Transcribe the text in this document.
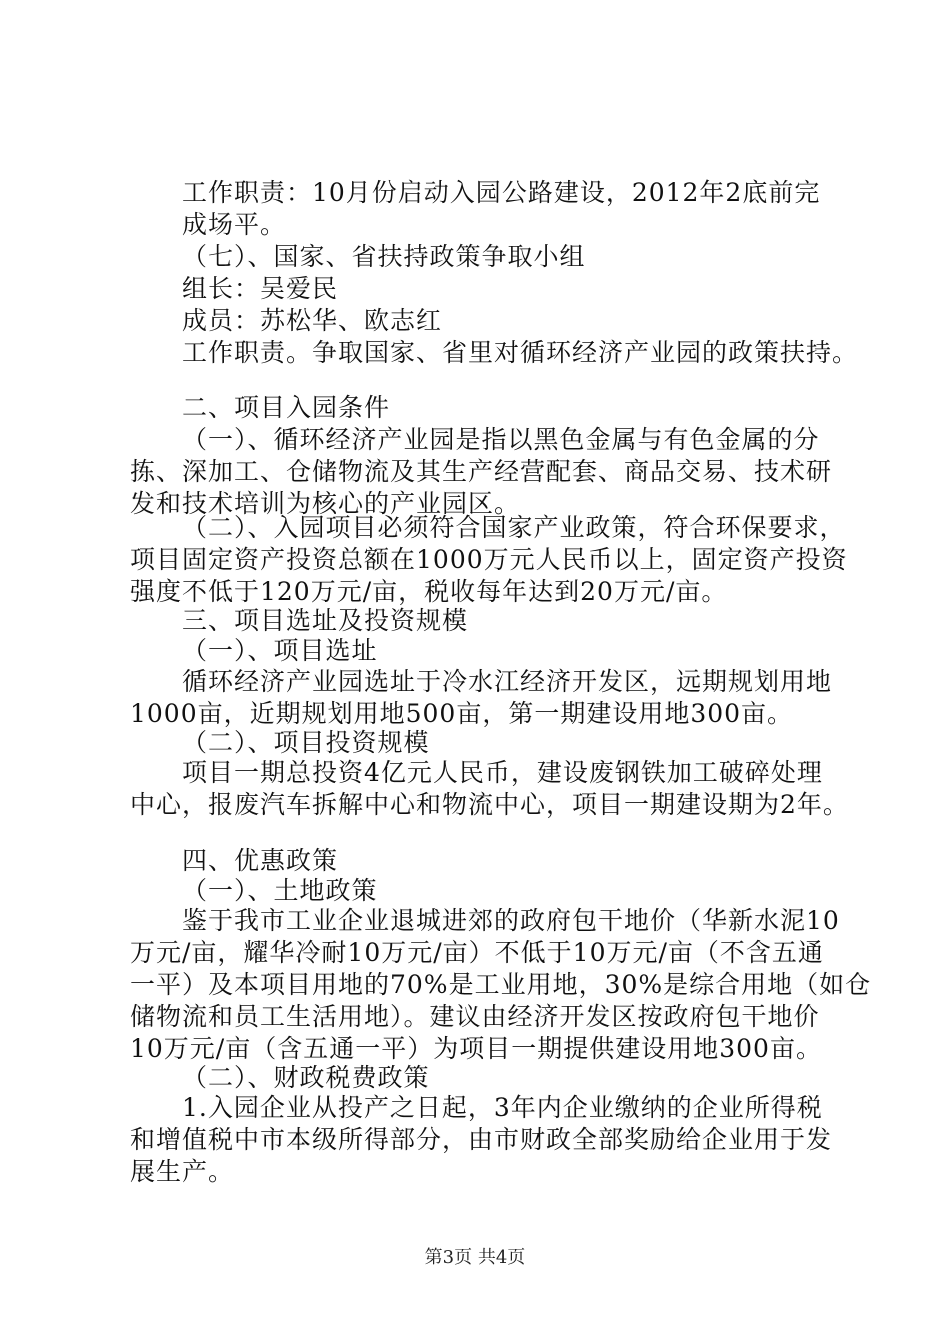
工作职责：10月份启动入园公路建设，2012年2底前完
成场平。
（七）、国家、省扶持政策争取小组
组长：吴爱民
成员：苏松华、欧志红
工作职责。争取国家、省里对循环经济产业园的政策扶持。
二、项目入园条件
（一）、循环经济产业园是指以黑色金属与有色金属的分
拣、深加工、仓储物流及其生产经营配套、商品交易、技术研
发和技术培训为核心的产业园区。
（二）、入园项目必须符合国家产业政策，符合环保要求，
项目固定资产投资总额在1000万元人民币以上，固定资产投资
强度不低于120万元/亩，税收每年达到20万元/亩。
三、项目选址及投资规模
（一）、项目选址
循环经济产业园选址于冷水江经济开发区，远期规划用地
1000亩，近期规划用地500亩，第一期建设用地300亩。
（二）、项目投资规模
项目一期总投资4亿元人民币，建设废钢铁加工破碎处理
中心，报废汽车拆解中心和物流中心，项目一期建设期为2年。
四、优惠政策
（一）、土地政策
鉴于我市工业企业退城进郊的政府包干地价（华新水泥10
万元/亩，耀华冷耐10万元/亩）不低于10万元/亩（不含五通
一平）及本项目用地的70%是工业用地，30%是综合用地（如仓
储物流和员工生活用地）。建议由经济开发区按政府包干地价
10万元/亩（含五通一平）为项目一期提供建设用地300亩。
（二）、财政税费政策
1.入园企业从投产之日起，3年内企业缴纳的企业所得税
和增值税中市本级所得部分，由市财政全部奖励给企业用于发
展生产。
第3页 共4页
